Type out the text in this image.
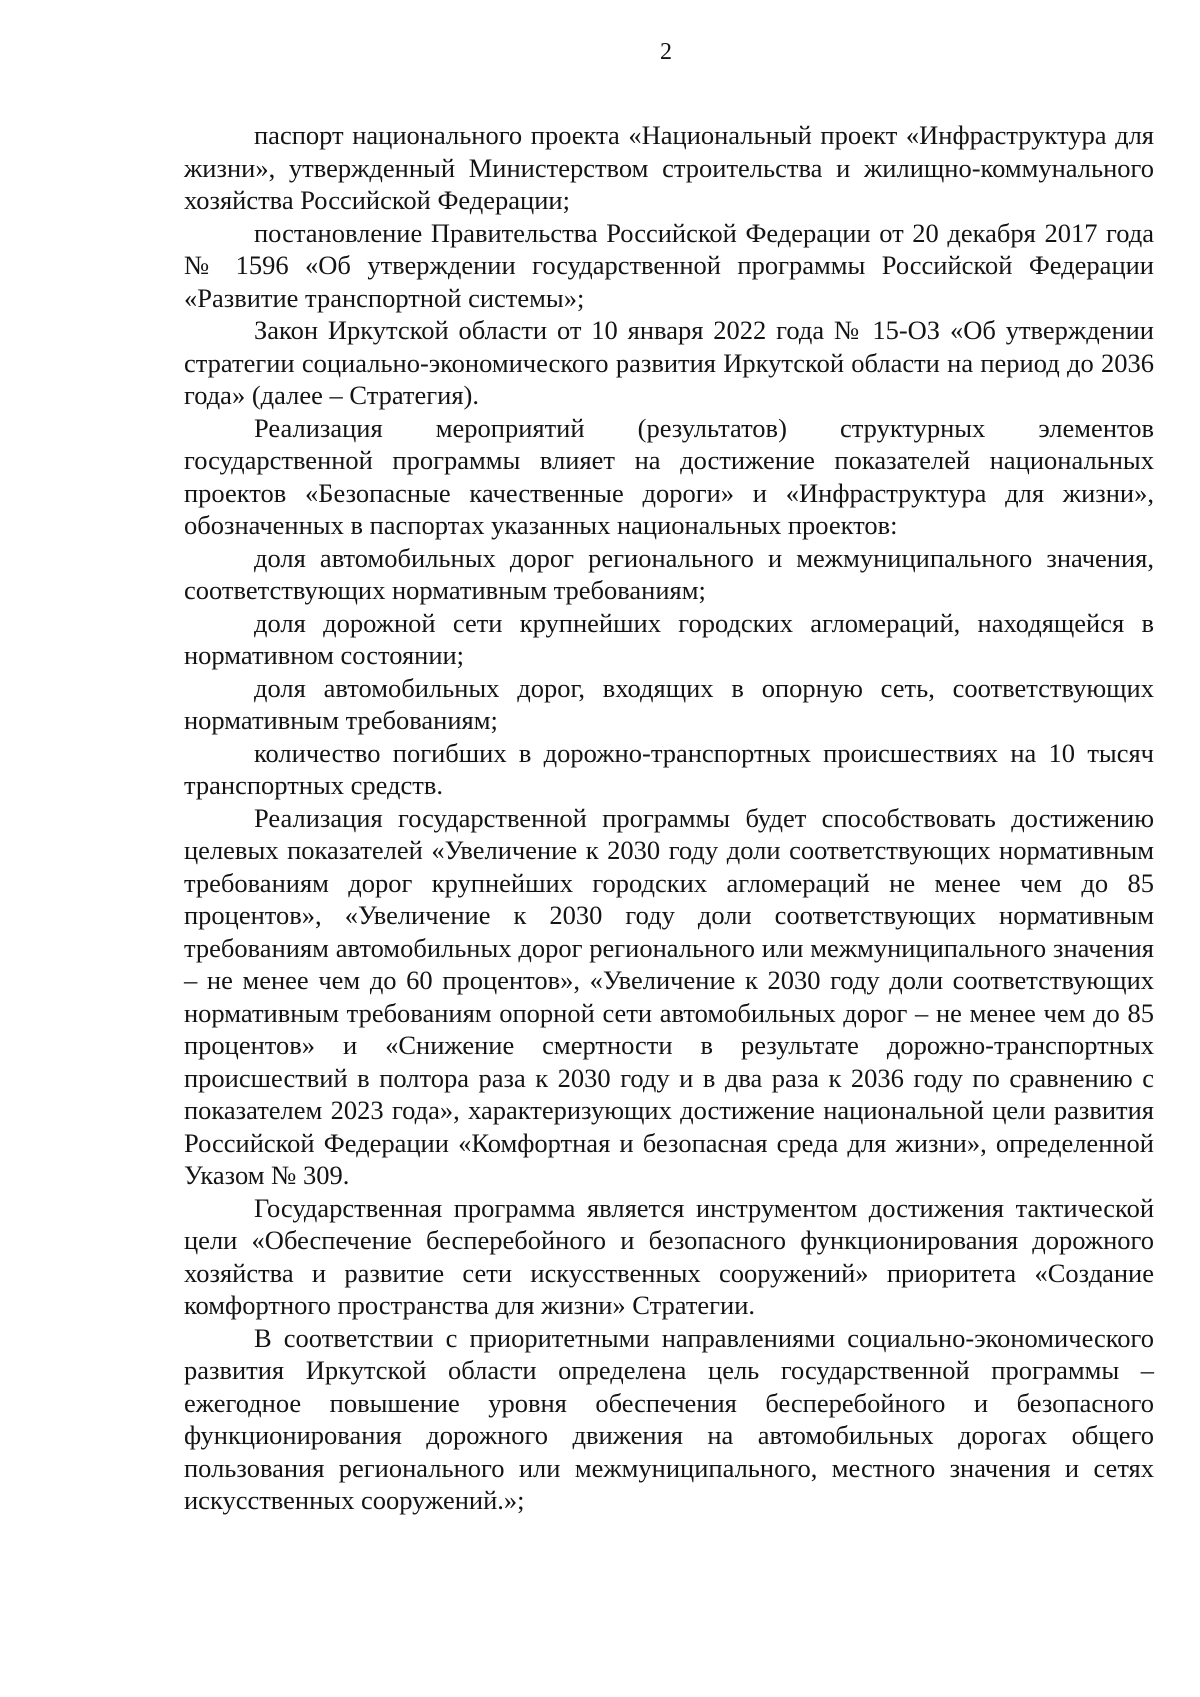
2

паспорт национального проекта «Национальный проект «Инфраструктура для жизни», утвержденный Министерством строительства и жилищно-коммунального хозяйства Российской Федерации;

постановление Правительства Российской Федерации от 20 декабря 2017 года № 1596 «Об утверждении государственной программы Российской Федерации «Развитие транспортной системы»;

Закон Иркутской области от 10 января 2022 года № 15-ОЗ «Об утверждении стратегии социально-экономического развития Иркутской области на период до 2036 года» (далее – Стратегия).

Реализация мероприятий (результатов) структурных элементов государственной программы влияет на достижение показателей национальных проектов «Безопасные качественные дороги» и «Инфраструктура для жизни», обозначенных в паспортах указанных национальных проектов:

доля автомобильных дорог регионального и межмуниципального значения, соответствующих нормативным требованиям;

доля дорожной сети крупнейших городских агломераций, находящейся в нормативном состоянии;

доля автомобильных дорог, входящих в опорную сеть, соответствующих нормативным требованиям;

количество погибших в дорожно-транспортных происшествиях на 10 тысяч транспортных средств.

Реализация государственной программы будет способствовать достижению целевых показателей «Увеличение к 2030 году доли соответствующих нормативным требованиям дорог крупнейших городских агломераций не менее чем до 85 процентов», «Увеличение к 2030 году доли соответствующих нормативным требованиям автомобильных дорог регионального или межмуниципального значения – не менее чем до 60 процентов», «Увеличение к 2030 году доли соответствующих нормативным требованиям опорной сети автомобильных дорог – не менее чем до 85 процентов» и «Снижение смертности в результате дорожно-транспортных происшествий в полтора раза к 2030 году и в два раза к 2036 году по сравнению с показателем 2023 года», характеризующих достижение национальной цели развития Российской Федерации «Комфортная и безопасная среда для жизни», определенной Указом № 309.

Государственная программа является инструментом достижения тактической цели «Обеспечение бесперебойного и безопасного функционирования дорожного хозяйства и развитие сети искусственных сооружений» приоритета «Создание комфортного пространства для жизни» Стратегии.

В соответствии с приоритетными направлениями социально-экономического развития Иркутской области определена цель государственной программы – ежегодное повышение уровня обеспечения бесперебойного и безопасного функционирования дорожного движения на автомобильных дорогах общего пользования регионального или межмуниципального, местного значения и сетях искусственных сооружений.»;
